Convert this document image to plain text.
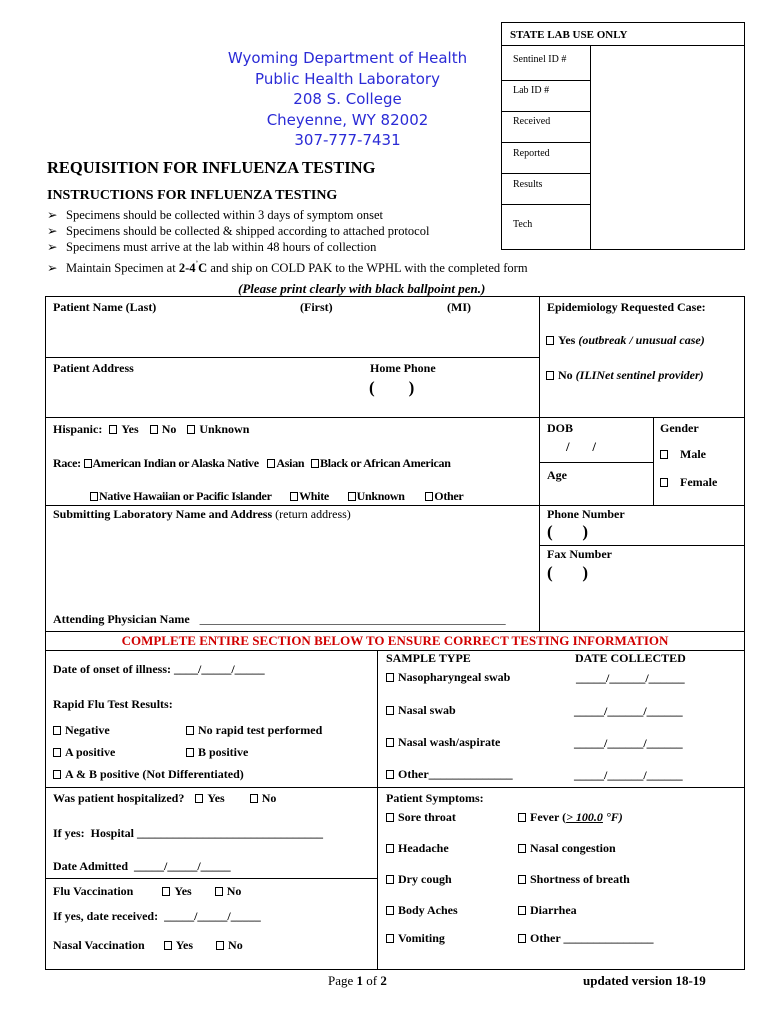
STATE LAB USE ONLY
Sentinel ID #
Lab ID #
Received
Reported
Results
Tech
Wyoming Department of Health
Public Health Laboratory
208 S. College
Cheyenne, WY 82002
307-777-7431
REQUISITION FOR INFLUENZA TESTING
INSTRUCTIONS FOR INFLUENZA TESTING
➢ Specimens should be collected within 3 days of symptom onset
➢ Specimens should be collected & shipped according to attached protocol
➢ Specimens must arrive at the lab within 48 hours of collection
➢ Maintain Specimen at 2-4˚C and ship on COLD PAK to the WPHL with the completed form
(Please print clearly with black ballpoint pen.)
Patient Name (Last)	(First)	(MI)
Patient Address	Home Phone
(        )
Epidemiology Requested Case:
Yes (outbreak / unusual case)
No (ILINet sentinel provider)
Hispanic: Yes No Unknown
Race: American Indian or Alaska Native Asian Black or African American
Native Hawaiian or Pacific Islander White Unknown Other
DOB
/       /
Age
Gender
Male
Female
Submitting Laboratory Name and Address (return address)	Phone Number
(       )
Fax Number
(       )
Attending Physician Name ___________________________________________________
COMPLETE ENTIRE SECTION BELOW TO ENSURE CORRECT TESTING INFORMATION
Date of onset of illness: ____/_____/_____
Rapid Flu Test Results:
Negative	No rapid test performed
A positive	B positive
A & B positive (Not Differentiated)
SAMPLE TYPE	DATE COLLECTED
Nasopharyngeal swab	_____/______/______
Nasal swab	_____/______/______
Nasal wash/aspirate	_____/______/______
Other______________	_____/______/______
Was patient hospitalized? Yes	No
If yes:  Hospital _______________________________
Date Admitted  _____/_____/_____
Flu Vaccination	Yes	No
If yes, date received:  _____/_____/_____
Nasal Vaccination	Yes	No
Patient Symptoms:
Sore throat
Headache
Dry cough
Body Aches
Vomiting
Fever (> 100.0 °F)
Nasal congestion
Shortness of breath
Diarrhea
Other _______________
Page 1 of 2	updated version 18-19
